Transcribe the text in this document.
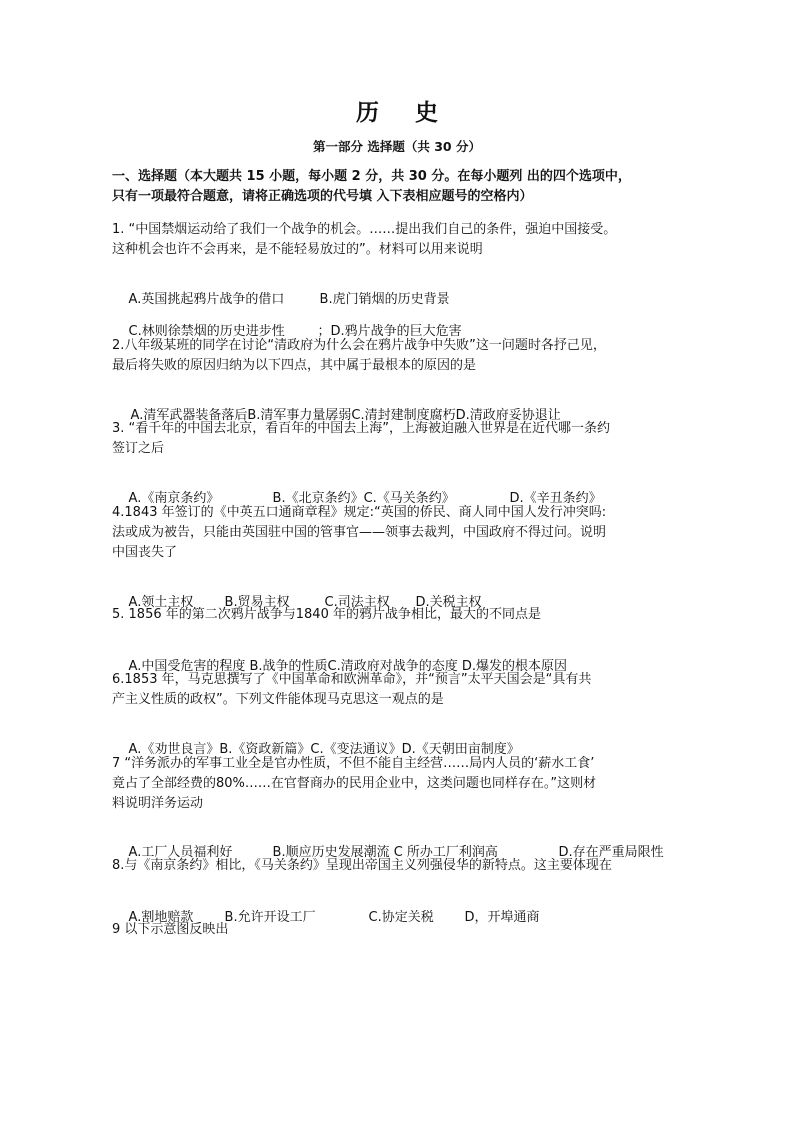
历 史
第一部分 选择题（共 30 分）
一、选择题（本大题共 15 小题，每小题 2 分，共 30 分。在每小题列 出的四个选项中，
只有一项最符合题意，请将正确选项的代号填 入下表相应题号的空格内）
1. “中国禁烟运动给了我们一个战争的机会。……提出我们自己的条件，强迫中国接受。
这种机会也许不会再来，是不能轻易放过的”。材料可以用来说明

A.英国挑起鸦片战争的借口	B.虎门销烟的历史背景

C.林则徐禁烟的历史进步性	；D.鸦片战争的巨大危害

2.八年级某班的同学在讨论“清政府为什么会在鸦片战争中失败”这一问题时各抒己见，
最后将失败的原因归纳为以下四点，其中属于最根本的原因的是

A.清军武器装备落后B.清军事力量孱弱C.清封建制度腐朽D.清政府妥协退让

3. “看千年的中国去北京，看百年的中国去上海”，上海被迫融入世界是在近代哪一条约
签订之后

A.《南京条约》	B.《北京条约》C.《马关条约》	D.《辛丑条约》

4.1843 年签订的《中英五口通商章程》规定:“英国的侨民、商人同中国人发行冲突吗:
法或成为被告，只能由英国驻中国的管事官——领事去裁判，中国政府不得过问。说明
中国丧失了

A.领土主权 B.贸易主权	C.司法主权 D.关税主权

5. 1856 年的第二次鸦片战争与1840 年的鸦片战争相比，最大的不同点是

A.中国受危害的程度 B.战争的性质C.清政府对战争的态度 D.爆发的根本原因

6.1853 年，马克思撰写了《中国革命和欧洲革命》，并“预言”太平天国会是“具有共
产主义性质的政权”。下列文件能体现马克思这一观点的是

A.《劝世良言》B.《资政新篇》C.《变法通议》D.《天朝田亩制度》

7 “洋务派办的军事工业全是官办性质，不但不能自主经营……局内人员的‘薪水工食’
竟占了全部经费的80%……在官督商办的民用企业中，这类问题也同样存在。”这则材
料说明洋务运动

A.工厂人员福利好	B.顺应历史发展潮流 C 所办工厂利润高	D.存在严重局限性

8.与《南京条约》相比，《马关条约》呈现出帝国主义列强侵华的新特点。这主要体现在

A.割地赔款 B.允许开设工厂	C.协定关税 D，开埠通商

9 以下示意图反映出
